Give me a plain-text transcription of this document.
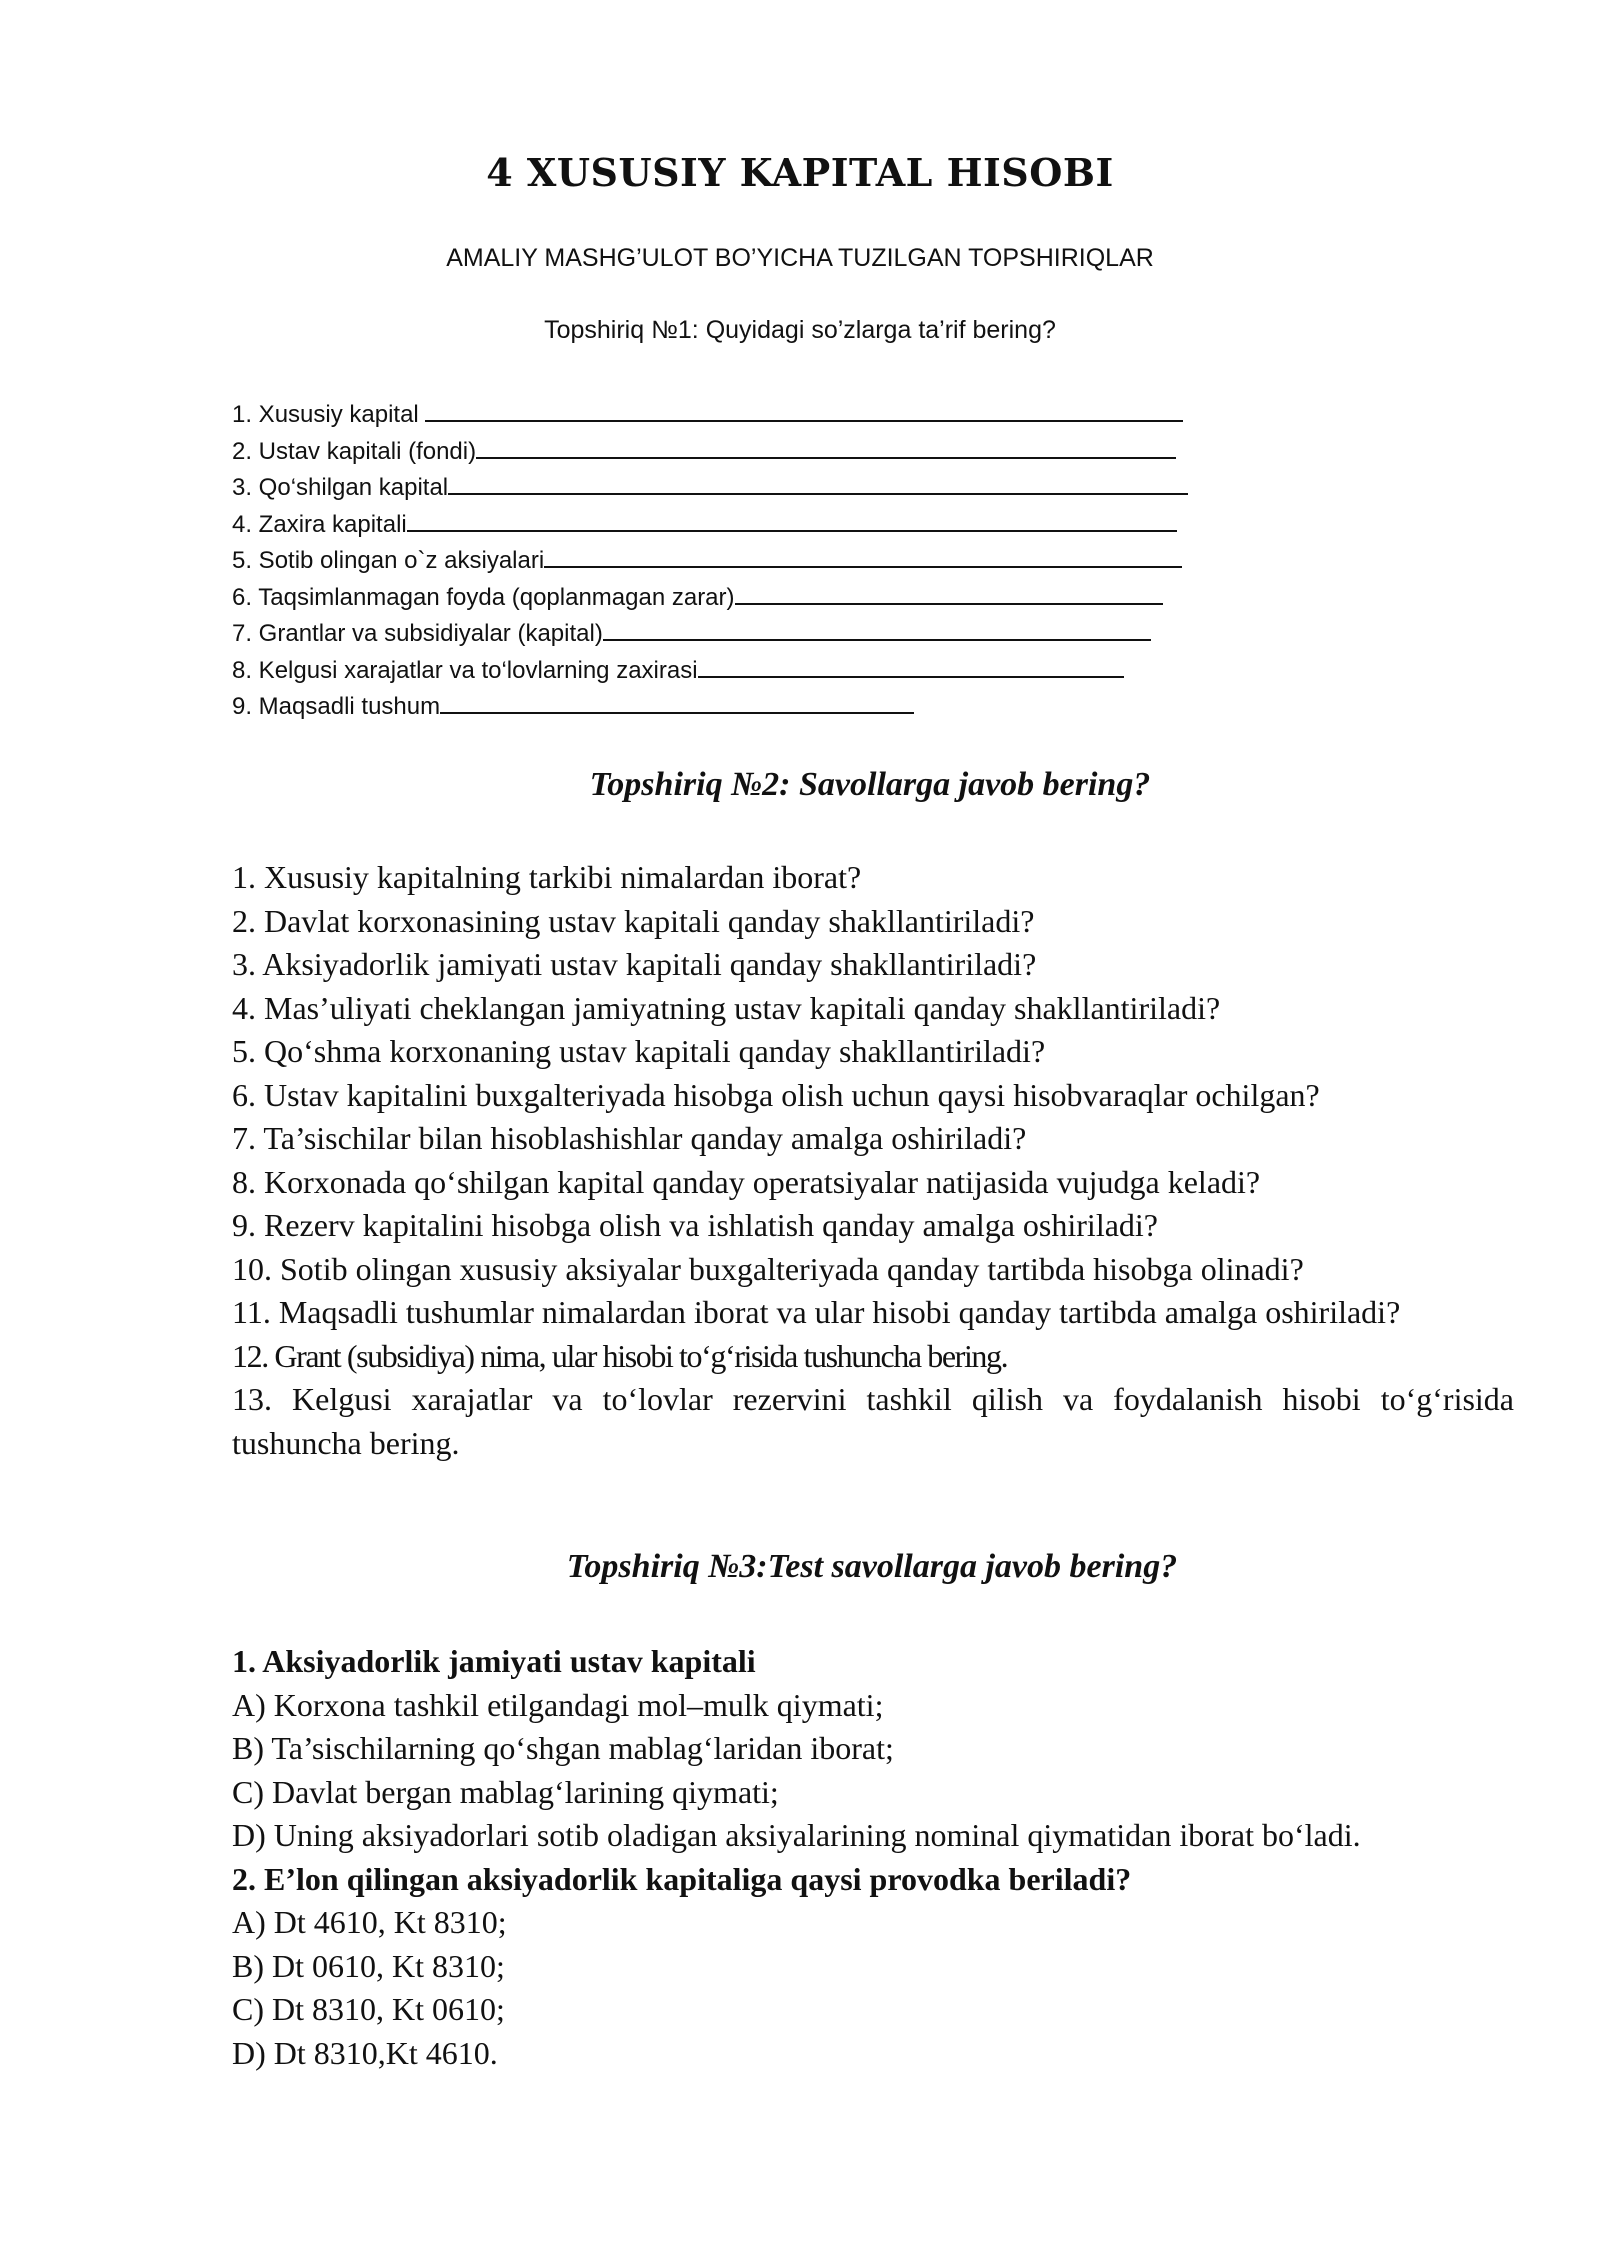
4 XUSUSIY KAPITAL HISOBI

AMALIY MASHG’ULOT BO’YICHA TUZILGAN TOPSHIRIQLAR

Topshiriq №1: Quyidagi so’zlarga ta’rif bering?

1. Xususiy kapital
2. Ustav kapitali (fondi)
3. Qo‘shilgan kapital
4. Zaxira kapitali
5. Sotib olingan o`z aksiyalari
6. Taqsimlanmagan foyda (qoplanmagan zarar)
7. Grantlar va subsidiyalar (kapital)
8. Kelgusi xarajatlar va to‘lovlarning zaxirasi
9. Maqsadli tushum
Topshiriq №2: Savollarga javob bering?
1. Xususiy kapitalning tarkibi nimalardan iborat?
2. Davlat korxonasining ustav kapitali qanday shakllantiriladi?
3. Aksiyadorlik jamiyati ustav kapitali qanday shakllantiriladi?
4. Mas’uliyati cheklangan jamiyatning ustav kapitali qanday shakllantiriladi?
5. Qo‘shma korxonaning ustav kapitali qanday shakllantiriladi?
6. Ustav kapitalini buxgalteriyada hisobga olish uchun qaysi hisobvaraqlar ochilgan?
7. Ta’sischilar bilan hisoblashishlar qanday amalga oshiriladi?
8. Korxonada qo‘shilgan kapital qanday operatsiyalar natijasida vujudga keladi?
9. Rezerv kapitalini hisobga olish va ishlatish qanday amalga oshiriladi?
10. Sotib olingan xususiy aksiyalar buxgalteriyada qanday tartibda hisobga olinadi?
11. Maqsadli tushumlar nimalardan iborat va ular hisobi qanday tartibda amalga oshiriladi?
12. Grant (subsidiya) nima, ular hisobi to‘g‘risida tushuncha bering.
13. Kelgusi xarajatlar va to‘lovlar rezervini tashkil qilish va foydalanish hisobi to‘g‘risida tushuncha bering.
Topshiriq №3:Test savollarga javob bering?

1. Aksiyadorlik jamiyati ustav kapitali

A) Korxona tashkil etilgandagi mol–mulk qiymati;

B) Ta’sischilarning qo‘shgan mablag‘laridan iborat;

C) Davlat bergan mablag‘larining qiymati;

D) Uning aksiyadorlari sotib oladigan aksiyalarining nominal qiymatidan iborat bo‘ladi.

2. E’lon qilingan aksiyadorlik kapitaliga qaysi provodka beriladi?

A) Dt 4610, Kt 8310;

B) Dt 0610, Kt 8310;

C) Dt 8310, Kt 0610;

D) Dt 8310,Kt 4610.
